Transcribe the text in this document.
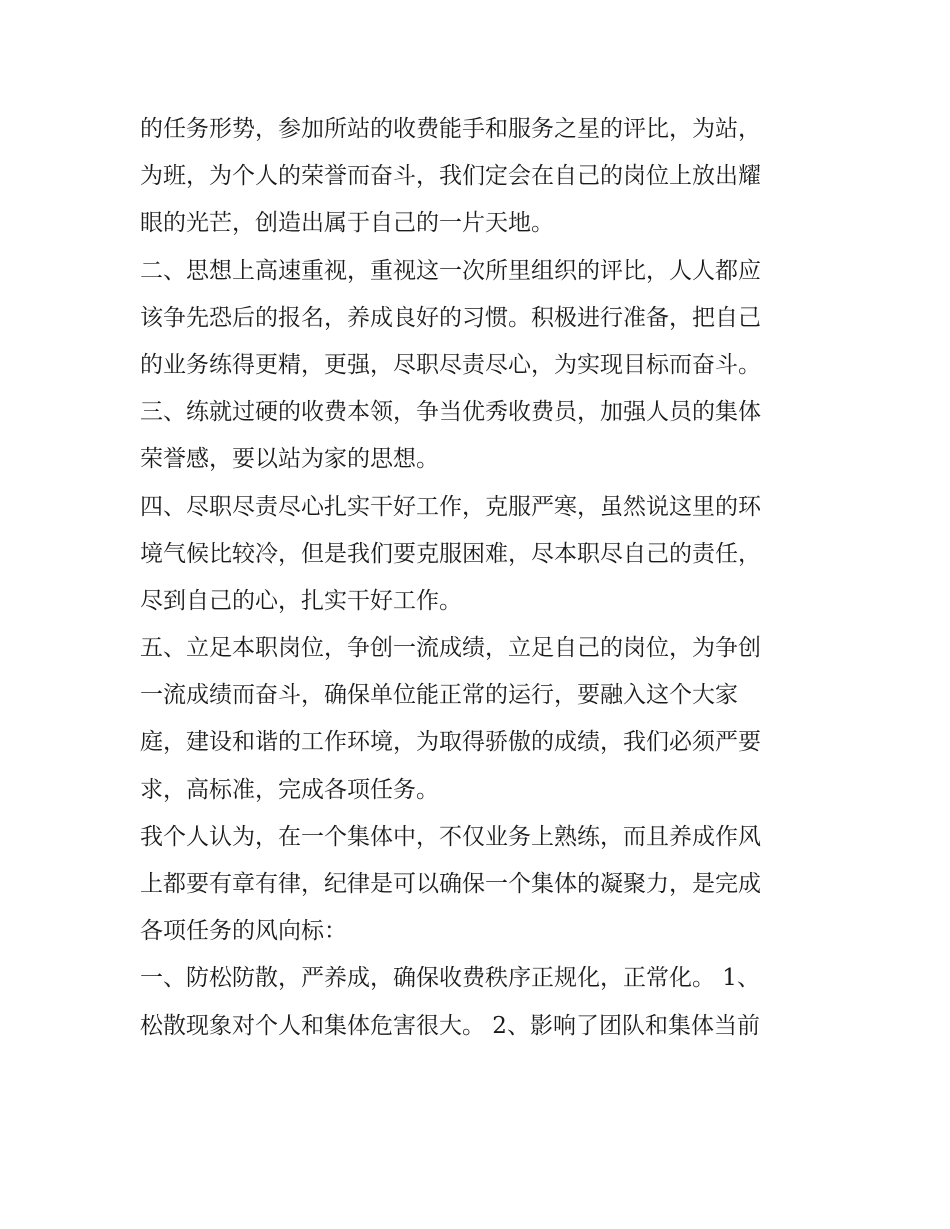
的任务形势，参加所站的收费能手和服务之星的评比，为站，
为班，为个人的荣誉而奋斗，我们定会在自己的岗位上放出耀
眼的光芒，创造出属于自己的一片天地。
二、思想上高速重视，重视这一次所里组织的评比，人人都应
该争先恐后的报名，养成良好的习惯。积极进行准备，把自己
的业务练得更精，更强，尽职尽责尽心，为实现目标而奋斗。
三、练就过硬的收费本领，争当优秀收费员，加强人员的集体
荣誉感，要以站为家的思想。
四、尽职尽责尽心扎实干好工作，克服严寒，虽然说这里的环
境气候比较冷，但是我们要克服困难，尽本职尽自己的责任，
尽到自己的心，扎实干好工作。
五、立足本职岗位，争创一流成绩，立足自己的岗位，为争创
一流成绩而奋斗，确保单位能正常的运行，要融入这个大家
庭，建设和谐的工作环境，为取得骄傲的成绩，我们必须严要
求，高标准，完成各项任务。
我个人认为，在一个集体中，不仅业务上熟练，而且养成作风
上都要有章有律，纪律是可以确保一个集体的凝聚力，是完成
各项任务的风向标：
一、防松防散，严养成，确保收费秩序正规化，正常化。 1、
松散现象对个人和集体危害很大。 2、影响了团队和集体当前
